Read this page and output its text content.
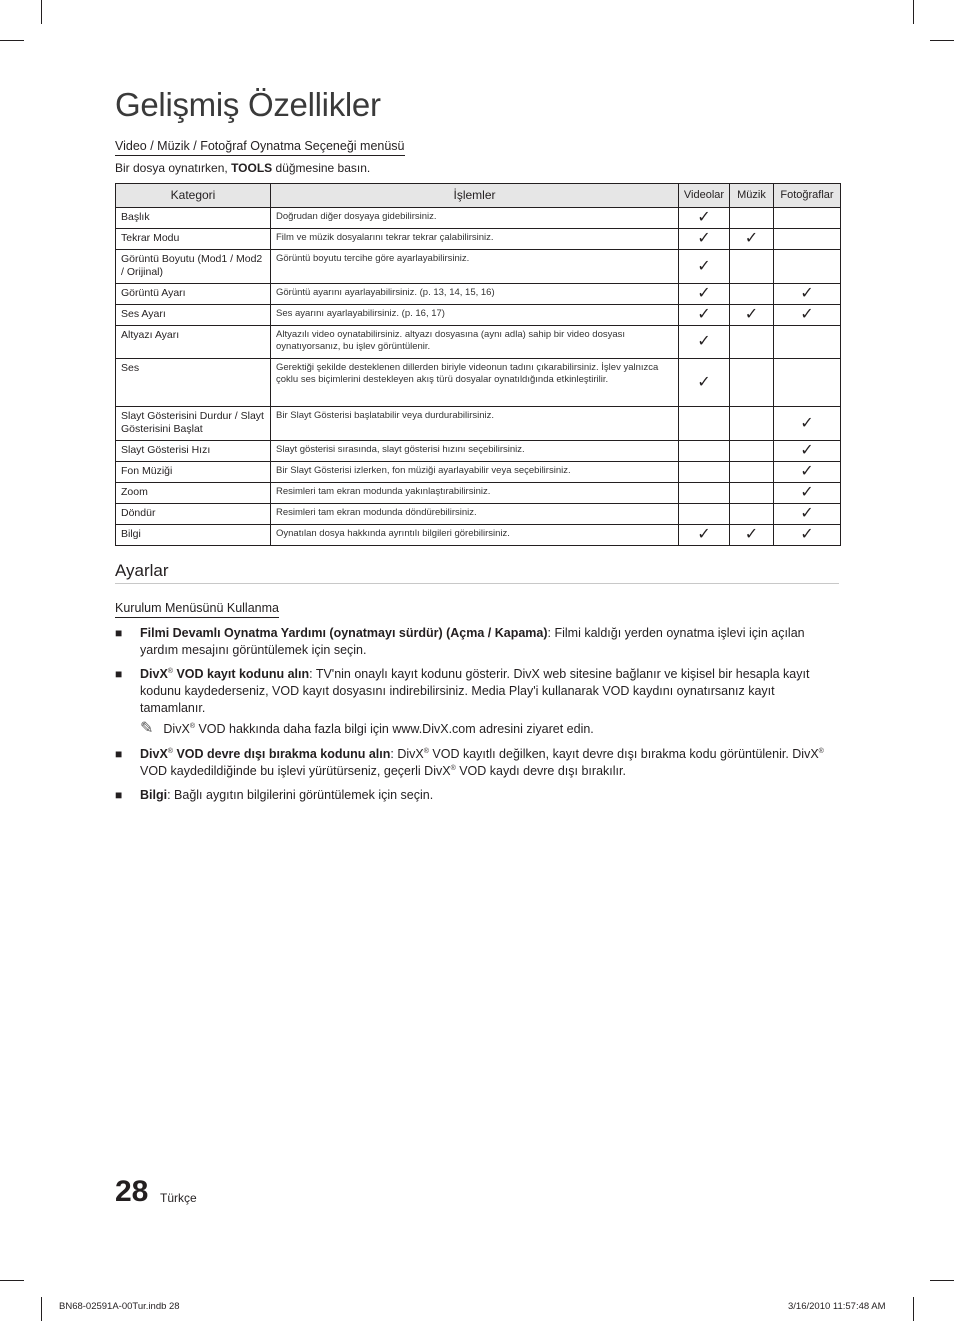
Gelişmiş Özellikler
Video / Müzik / Fotoğraf Oynatma Seçeneği menüsü
Bir dosya oynatırken, TOOLS düğmesine basın.
Kategori	İşlemler	Videolar	Müzik	Fotoğraflar
Başlık	Doğrudan diğer dosyaya gidebilirsiniz.	✓		
Tekrar Modu	Film ve müzik dosyalarını tekrar tekrar çalabilirsiniz.	✓	✓	
Görüntü Boyutu (Mod1 / Mod2 / Orijinal)	Görüntü boyutu tercihe göre ayarlayabilirsiniz.	✓		
Görüntü Ayarı	Görüntü ayarını ayarlayabilirsiniz. (p. 13, 14, 15, 16)	✓		✓
Ses Ayarı	Ses ayarını ayarlayabilirsiniz. (p. 16, 17)	✓	✓	✓
Altyazı Ayarı	Altyazılı video oynatabilirsiniz. altyazı dosyasına (aynı adla) sahip bir video dosyası oynatıyorsanız, bu işlev görüntülenir.	✓		
Ses	Gerektiği şekilde desteklenen dillerden biriyle videonun tadını çıkarabilirsiniz. İşlev yalnızca çoklu ses biçimlerini destekleyen akış türü dosyalar oynatıldığında etkinleştirilir.	✓		
Slayt Gösterisini Durdur / Slayt Gösterisini Başlat	Bir Slayt Gösterisi başlatabilir veya durdurabilirsiniz.			✓
Slayt Gösterisi Hızı	Slayt gösterisi sırasında, slayt gösterisi hızını seçebilirsiniz.			✓
Fon Müziği	Bir Slayt Gösterisi izlerken, fon müziği ayarlayabilir veya seçebilirsiniz.			✓
Zoom	Resimleri tam ekran modunda yakınlaştırabilirsiniz.			✓
Döndür	Resimleri tam ekran modunda döndürebilirsiniz.			✓
Bilgi	Oynatılan dosya hakkında ayrıntılı bilgileri görebilirsiniz.	✓	✓	✓
Ayarlar
Kurulum Menüsünü Kullanma
■ Filmi Devamlı Oynatma Yardımı (oynatmayı sürdür) (Açma / Kapama): Filmi kaldığı yerden oynatma işlevi için açılan yardım mesajını görüntülemek için seçin.
■ DivX® VOD kayıt kodunu alın: TV'nin onaylı kayıt kodunu gösterir. DivX web sitesine bağlanır ve kişisel bir hesapla kayıt kodunu kaydederseniz, VOD kayıt dosyasını indirebilirsiniz. Media Play'i kullanarak VOD kaydını oynatırsanız kayıt tamamlanır.
✎ DivX® VOD hakkında daha fazla bilgi için www.DivX.com adresini ziyaret edin.
■ DivX® VOD devre dışı bırakma kodunu alın: DivX® VOD kayıtlı değilken, kayıt devre dışı bırakma kodu görüntülenir. DivX® VOD kaydedildiğinde bu işlevi yürütürseniz, geçerli DivX® VOD kaydı devre dışı bırakılır.
■ Bilgi: Bağlı aygıtın bilgilerini görüntülemek için seçin.
28 Türkçe
BN68-02591A-00Tur.indb 28	3/16/2010 11:57:48 AM
